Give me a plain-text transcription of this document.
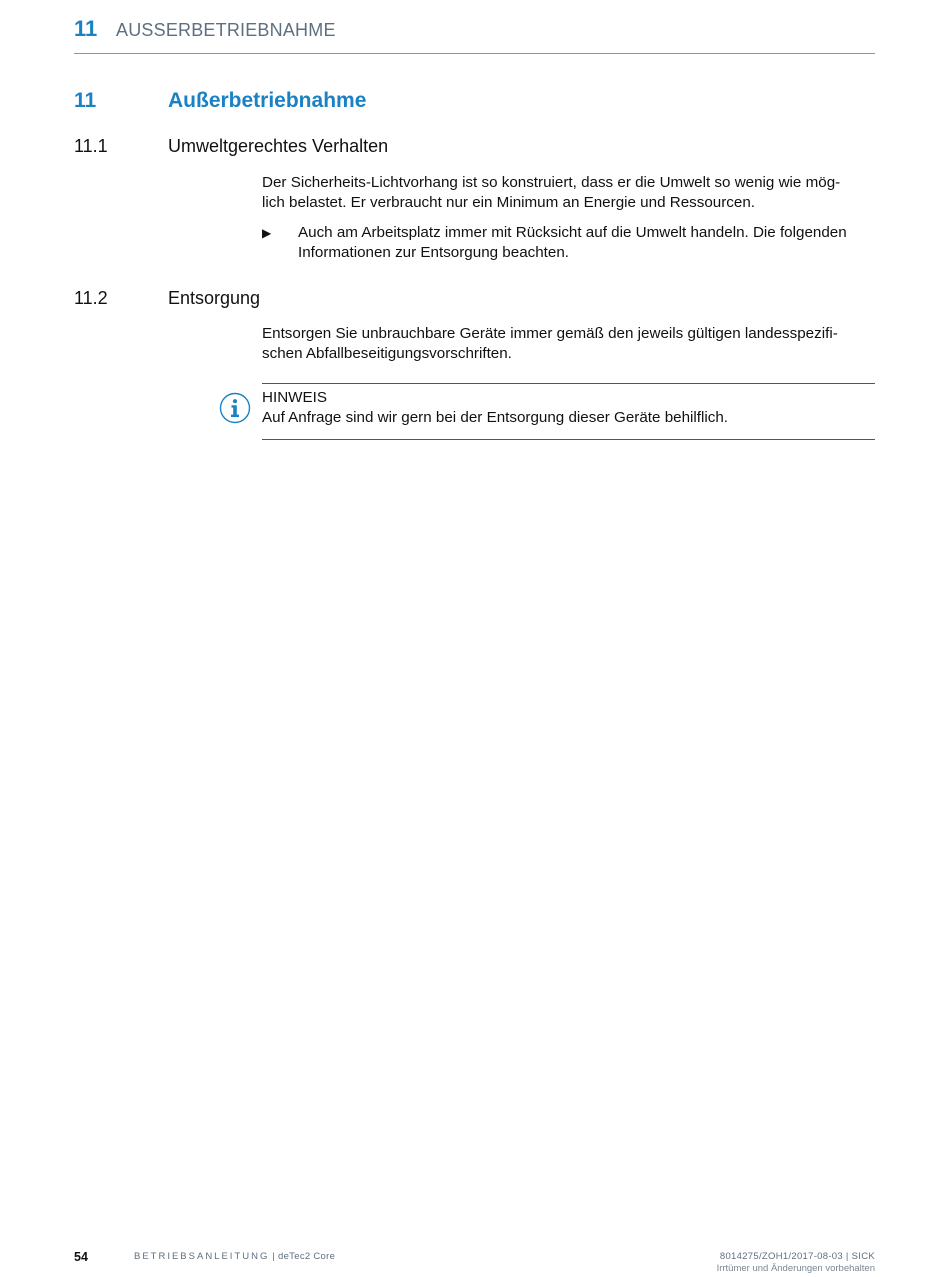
11 AUSSERBETRIEBNAHME
11	Außerbetriebnahme
11.1	Umweltgerechtes Verhalten
Der Sicherheits-Lichtvorhang ist so konstruiert, dass er die Umwelt so wenig wie mög-
lich belastet. Er verbraucht nur ein Minimum an Energie und Ressourcen.
▶ Auch am Arbeitsplatz immer mit Rücksicht auf die Umwelt handeln. Die folgenden
Informationen zur Entsorgung beachten.
11.2	Entsorgung
Entsorgen Sie unbrauchbare Geräte immer gemäß den jeweils gültigen landesspezifi-
schen Abfallbeseitigungsvorschriften.
HINWEIS
Auf Anfrage sind wir gern bei der Entsorgung dieser Geräte behilflich.
54	BETRIEBSANLEITUNG | deTec2 Core	8014275/ZOH1/2017-08-03 | SICK
Irrtümer und Änderungen vorbehalten
